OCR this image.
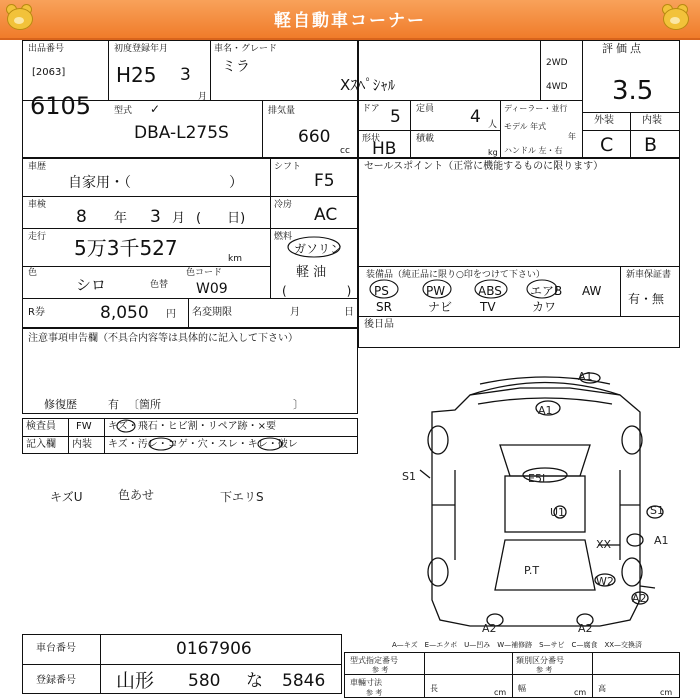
軽自動車コーナー
出品番号
[2063]
6105
初度登録年月
H25 3
月
車名・グレード
ミラ
Xｽﾍﾟｼｬﾙ
型式 ✓
DBA-L275S
排気量
660
cc
2WD
4WD
評価点
3.5
外装	内装
C B
ドア 5
形状
HB
定員 4 人
積載
kg
ディーラー・並行
モデル 年式
年
ハンドル 左・右
車歴
自家用・（　　　　　　　）
シフト
F5
車検
8 年 3 月 (　　日)
冷房 AC
走行 5万3千527	km
燃料
ガソリン
軽 油
(　　　　　)
色
シロ	色替
色コード
W09
R券	8,050 円 名変期限	月	日
セールスポイント（正常に機能するものに限ります）
装備品（純正品に限り○印をつけて下さい）	新車保証書
有・無
PS	PW	ABS エアB AW
SR	ナビ TV	カワ
後日品
注意事項申告欄（不具合内容等は具体的に記入して下さい）
修復歴	有 〔箇所　　　　　　　　　　　　〕
検査員 FW キズ・飛石・ヒビ割・リペア跡・×要
記入欄 内装 キズ・汚レ・コゲ・穴・スレ・キレ・破レ
キズU	色あせ	下エリS
A1
A1
E5I
S1
U1	S1
A1
XX
P.T
W2
A2
A2	A2
A—キズ　E—エクボ　U—凹み　W—補修跡　S—サビ　C—腐食　XX—交換済
車台番号	0167906
登録番号 山形 580 な 5846
型式指定番号
参 考
類別区分番号
参 考
車輛寸法
参 考	長	cm 幅	cm 高	cm
